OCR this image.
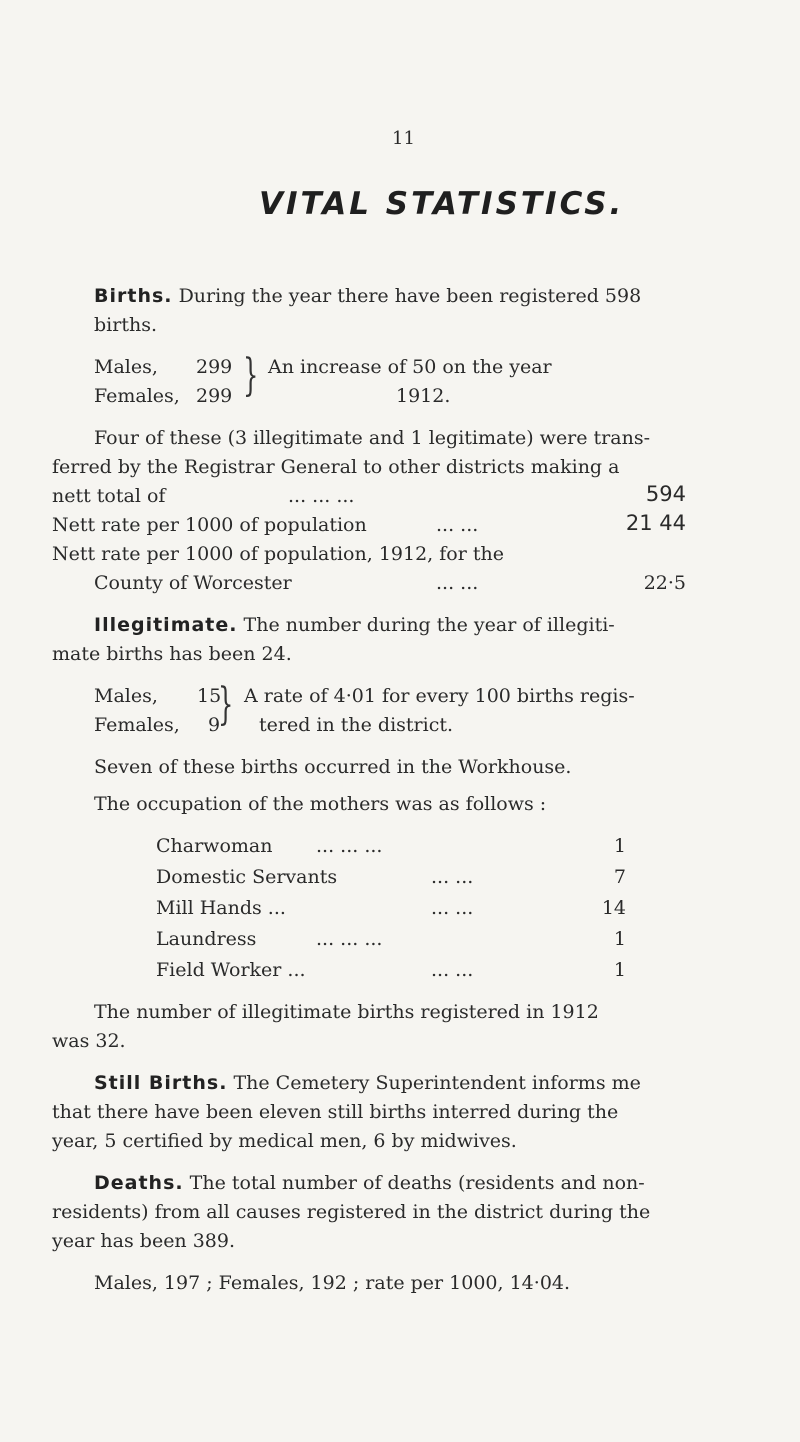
11
VITAL STATISTICS.
Births. During the year there have been registered 598
births.
Males, 299
Females, 299 } An increase of 50 on the year
1912.
Four of these (3 illegitimate and 1 legitimate) were trans-
ferred by the Registrar General to other districts making a
nett total of	... ... ...	594
Nett rate per 1000 of population	... ...	21 44
Nett rate per 1000 of population, 1912, for the
County of Worcester	... ...	22·5
Illegitimate. The number during the year of illegiti-
mate births has been 24.
Males, 15
Females, 9
} A rate of 4·01 for every 100 births regis-
tered in the district.
Seven of these births occurred in the Workhouse.
The occupation of the mothers was as follows :
Charwoman ... ... ...	1
Domestic Servants	... ...	7
Mill Hands ...	... ...	14
Laundress	... ... ...	1
Field Worker ...	... ...	1
The number of illegitimate births registered in 1912
was 32.
Still Births. The Cemetery Superintendent informs me
that there have been eleven still births interred during the
year, 5 certified by medical men, 6 by midwives.
Deaths. The total number of deaths (residents and non-
residents) from all causes registered in the district during the
year has been 389.
Males, 197 ; Females, 192 ; rate per 1000, 14·04.
